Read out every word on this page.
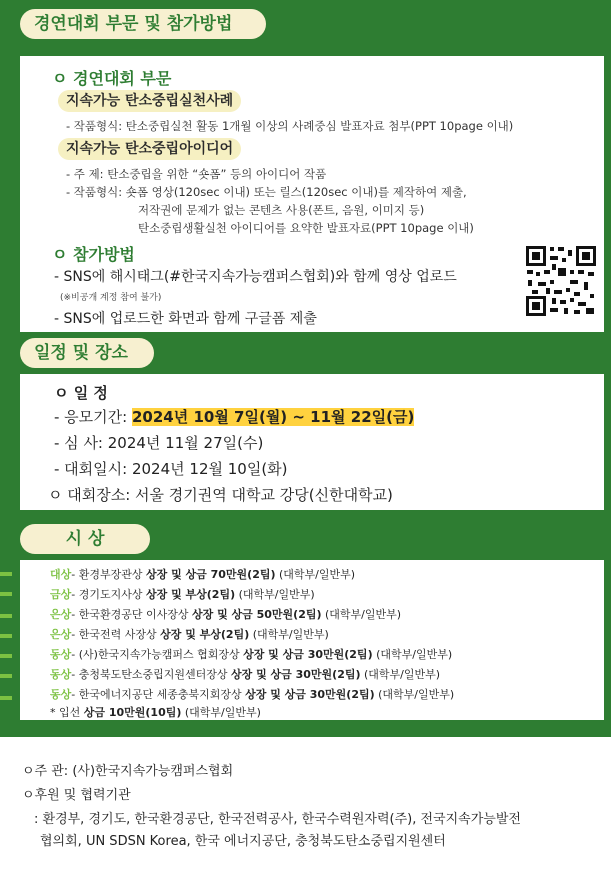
경연대회 부문 및 참가방법
ㅇ 경연대회 부문
지속가능 탄소중립실천사례
- 작품형식: 탄소중립실천 활동 1개월 이상의 사례중심 발표자료 첨부(PPT 10page 이내)
지속가능 탄소중립아이디어
- 주 제: 탄소중립을 위한 “숏폼” 등의 아이디어 작품
- 작품형식: 숏폼 영상(120sec 이내) 또는 릴스(120sec 이내)를 제작하여 제출,
저작권에 문제가 없는 콘텐츠 사용(폰트, 음원, 이미지 등)
탄소중립생활실천 아이디어를 요약한 발표자료(PPT 10page 이내)
ㅇ 참가방법
- SNS에 해시태그(#한국지속가능캠퍼스협회)와 함께 영상 업로드
(※비공개 계정 참여 불가)
- SNS에 업로드한 화면과 함께 구글폼 제출
일정 및 장소
ㅇ 일 정
- 응모기간: 2024년 10월 7일(월) ~ 11월 22일(금)
- 심 사: 2024년 11월 27일(수)
- 대회일시: 2024년 12월 10일(화)
ㅇ 대회장소: 서울 경기권역 대학교 강당(신한대학교)
시 상
대상- 환경부장관상 상장 및 상금 70만원(2팀) (대학부/일반부)
금상- 경기도지사상 상장 및 부상(2팀) (대학부/일반부)
은상- 한국환경공단 이사장상 상장 및 상금 50만원(2팀) (대학부/일반부)
은상- 한국전력 사장상 상장 및 부상(2팀) (대학부/일반부)
동상- (사)한국지속가능캠퍼스 협회장상 상장 및 상금 30만원(2팀) (대학부/일반부)
동상- 충청북도탄소중립지원센터장상 상장 및 상금 30만원(2팀) (대학부/일반부)
동상- 한국에너지공단 세종충북지회장상 상장 및 상금 30만원(2팀) (대학부/일반부)
* 입선 상금 10만원(10팀) (대학부/일반부)
ㅇ주 관: (사)한국지속가능캠퍼스협회
ㅇ후원 및 협력기관
: 환경부, 경기도, 한국환경공단, 한국전력공사, 한국수력원자력(주), 전국지속가능발전
협의회, UN SDSN Korea, 한국 에너지공단, 충청북도탄소중립지원센터
